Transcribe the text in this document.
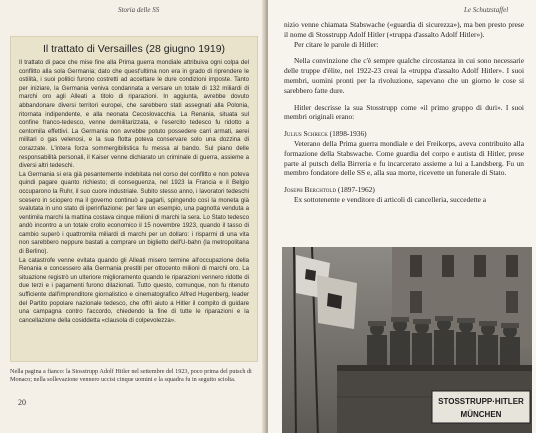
Storia delle SS
Il trattato di Versailles (28 giugno 1919)

Il trattato di pace che mise fine alla Prima guerra mondiale attribuiva ogni colpa del conflitto alla sola Germania; dato che quest'ultima non era in grado di riprendere le ostilità, i suoi politici furono costretti ad accettare le dure condizioni imposte. Tanto per iniziare, la Germania veniva condannata a versare un totale di 132 miliardi di marchi oro agli Alleati a titolo di riparazioni. In aggiunta, avrebbe dovuto abbandonare diversi territori europei, che sarebbero stati assegnati alla Polonia, ritornata indipendente, e alla neonata Cecoslovacchia. La Renania, situata sul confine franco-tedesco, venne demilitarizzata, e l'esercito tedesco fu ridotto a centomila effettivi. La Germania non avrebbe potuto possedere carri armati, aerei militari o gas velenosi, e la sua flotta poteva conservare solo una dozzina di corazzate. L'intera forza sommergibilistica fu messa al bando. Sul piano delle responsabilità personali, il Kaiser venne dichiarato un criminale di guerra, assieme a diversi altri tedeschi.

La Germania si era già pesantemente indebitata nel corso del conflitto e non poteva quindi pagare quanto richiesto; di conseguenza, nel 1923 la Francia e il Belgio occuparono la Ruhr, il suo cuore industriale. Subito stesso anno, i lavoratori tedeschi scesero in sciopero ma il governo continuò a pagarli, spingendo così la moneta già svalutata in uno stato di iperinflazione: per fare un esempio, una pagnotta venduta a ventimila marchi la mattina costava cinque milioni di marchi la sera. Lo Stato tedesco andò incontro a un totale crollo economico il 15 novembre 1923, quando il tasso di cambio superò i quattromila miliardi di marchi per un dollaro: i risparmi di una vita non sarebbero neppure bastati a comprare un biglietto dell'U-bahn (la metropolitana di Berlino).

La catastrofe venne evitata quando gli Alleati misero termine all'occupazione della Renania e concessero alla Germania prestiti per ottocento milioni di marchi oro. La situazione registrò un ulteriore miglioramento quando le riparazioni vennero ridotte di due terzi e i pagamenti furono dilazionati. Tutto questo, comunque, non fu ritenuto sufficiente dall'imprenditore giornalistico e cinematografico Alfred Hugenberg, leader del Partito popolare nazionale tedesco, che offrì aiuto a Hitler il compito di guidare una campagna contro l'accordo, chiedendo la fine di tutte le riparazioni e la cancellazione della cosiddetta «clausola di colpevolezza».

Nella pagina a fianco: la Stosstrupp Adolf Hitler nel settembre del 1923, poco prima del putsch di Monaco; nella sollevazione vennero uccisi cinque uomini e la squadra fu in seguito sciolta.
20
Le Schutzstaffel

nizio venne chiamata Stabswache («guardia di sicurezza»), ma ben presto prese il nome di Stosstrupp Adolf Hitler («truppa d'assalto Adolf Hitler»).

Per citare le parole di Hitler:

Nella convinzione che c'è sempre qualche circostanza in cui sono necessarie delle truppe d'élite, nel 1922-23 creai la «truppa d'assalto Adolf Hitler». I suoi membri, uomini pronti per la rivoluzione, sapevano che un giorno le cose si sarebbero fatte dure.

Hitler descrisse la sua Stosstrupp come «il primo gruppo di duri». I suoi membri originali erano:

Julius Schreck (1898-1936)

Veterano della Prima guerra mondiale e dei Freikorps, aveva contribuito alla formazione della Stabswache. Come guardia del corpo e autista di Hitler, prese parte al putsch della Birreria e fu incarcerato assieme a lui a Landsberg. Fu un membro fondatore delle SS e, alla sua morte, ricevette un funerale di Stato.

Joseph Berchtold (1897-1962)

Ex sottotenente e venditore di articoli di cancelleria, succedette a

STOSSTRUPP·HITLER
MÜNCHEN
